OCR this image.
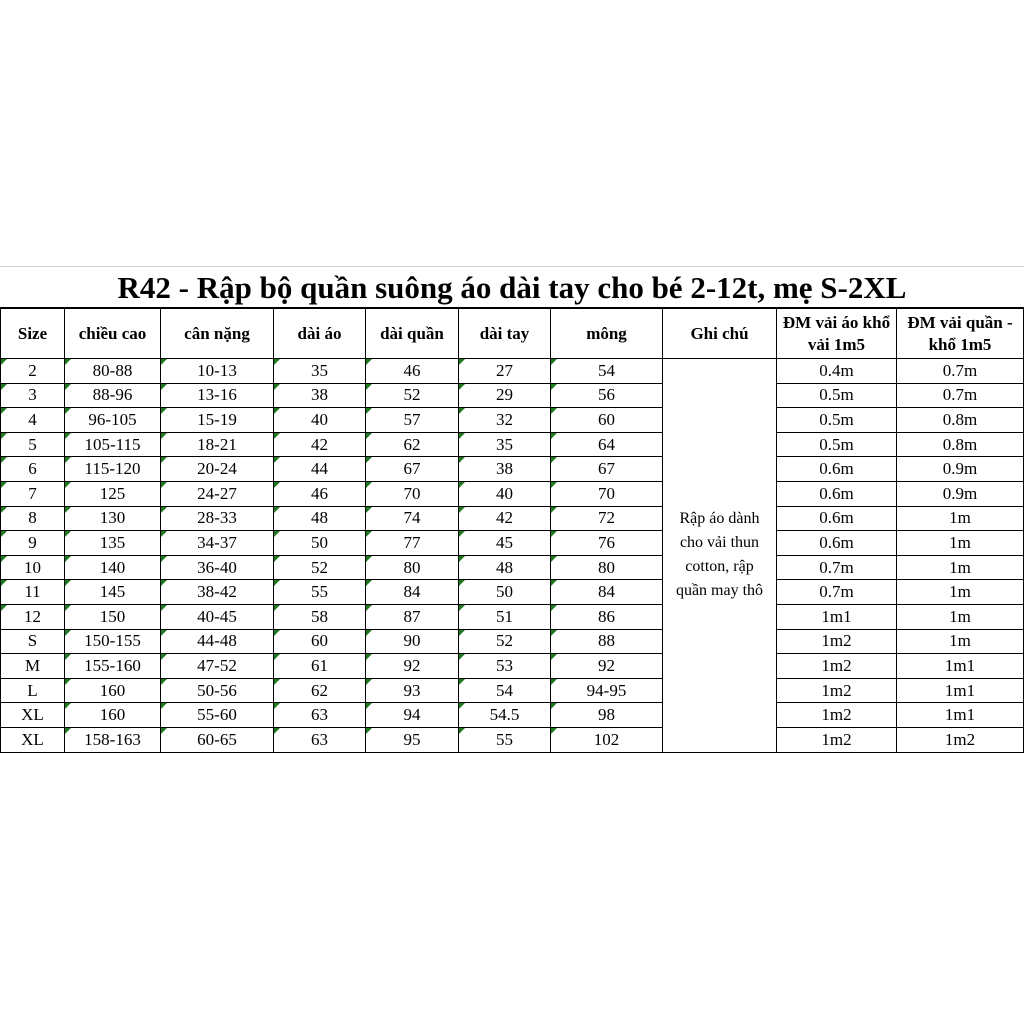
R42 - Rập bộ quần suông áo dài tay cho bé 2-12t, mẹ S-2XL
Size	chiều cao	cân nặng	dài áo	dài quần	dài tay	mông	Ghi chú	ĐM vải áo khổ vải 1m5	ĐM vải quần - khổ 1m5
2	80-88	10-13	35	46	27	54	Rập áo dành cho vải thun cotton, rập quần may thô	0.4m	0.7m
3	88-96	13-16	38	52	29	56		0.5m	0.7m
4	96-105	15-19	40	57	32	60		0.5m	0.8m
5	105-115	18-21	42	62	35	64		0.5m	0.8m
6	115-120	20-24	44	67	38	67		0.6m	0.9m
7	125	24-27	46	70	40	70		0.6m	0.9m
8	130	28-33	48	74	42	72		0.6m	1m
9	135	34-37	50	77	45	76		0.6m	1m
10	140	36-40	52	80	48	80		0.7m	1m
11	145	38-42	55	84	50	84		0.7m	1m
12	150	40-45	58	87	51	86		1m1	1m
S	150-155	44-48	60	90	52	88		1m2	1m
M	155-160	47-52	61	92	53	92		1m2	1m1
L	160	50-56	62	93	54	94-95		1m2	1m1
XL	160	55-60	63	94	54.5	98		1m2	1m1
XL	158-163	60-65	63	95	55	102		1m2	1m2
